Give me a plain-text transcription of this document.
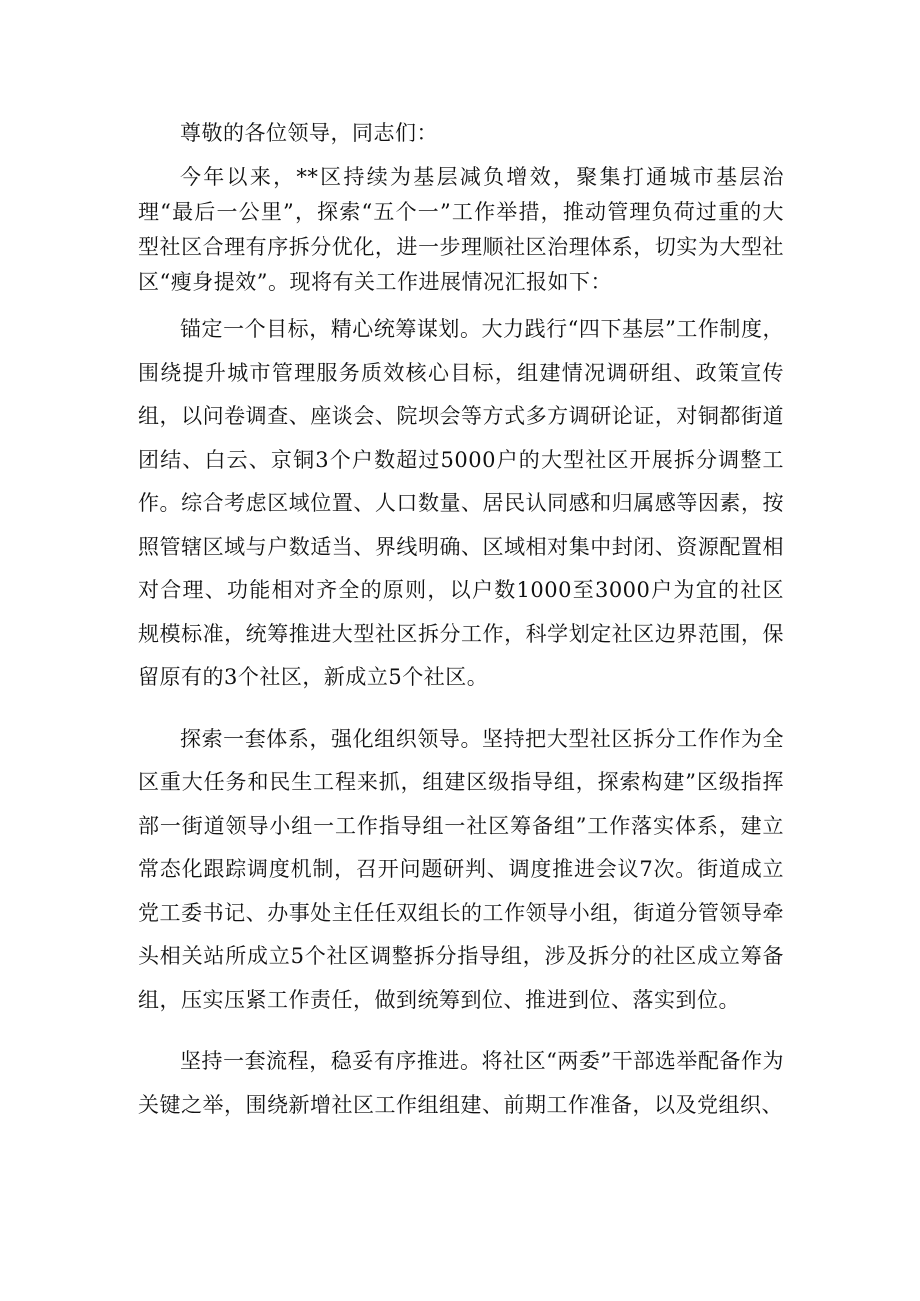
尊敬的各位领导，同志们：

今年以来，**区持续为基层减负增效，聚集打通城市基层治理“最后一公里”，探索“五个一”工作举措，推动管理负荷过重的大型社区合理有序拆分优化，进一步理顺社区治理体系，切实为大型社区“瘦身提效”。现将有关工作进展情况汇报如下：

锚定一个目标，精心统筹谋划。大力践行“四下基层”工作制度，围绕提升城市管理服务质效核心目标，组建情况调研组、政策宣传组，以问卷调查、座谈会、院坝会等方式多方调研论证，对铜都街道团结、白云、京铜3个户数超过5000户的大型社区开展拆分调整工作。综合考虑区域位置、人口数量、居民认同感和归属感等因素，按照管辖区域与户数适当、界线明确、区域相对集中封闭、资源配置相对合理、功能相对齐全的原则，以户数1000至3000户为宜的社区规模标准，统筹推进大型社区拆分工作，科学划定社区边界范围，保留原有的3个社区，新成立5个社区。

探索一套体系，强化组织领导。坚持把大型社区拆分工作作为全区重大任务和民生工程来抓，组建区级指导组，探索构建”区级指挥部一街道领导小组一工作指导组一社区筹备组”工作落实体系，建立常态化跟踪调度机制，召开问题研判、调度推进会议7次。街道成立党工委书记、办事处主任任双组长的工作领导小组，街道分管领导牵头相关站所成立5个社区调整拆分指导组，涉及拆分的社区成立筹备组，压实压紧工作责任，做到统筹到位、推进到位、落实到位。

坚持一套流程，稳妥有序推进。将社区“两委”干部选举配备作为关键之举，围绕新增社区工作组组建、前期工作准备，以及党组织、
